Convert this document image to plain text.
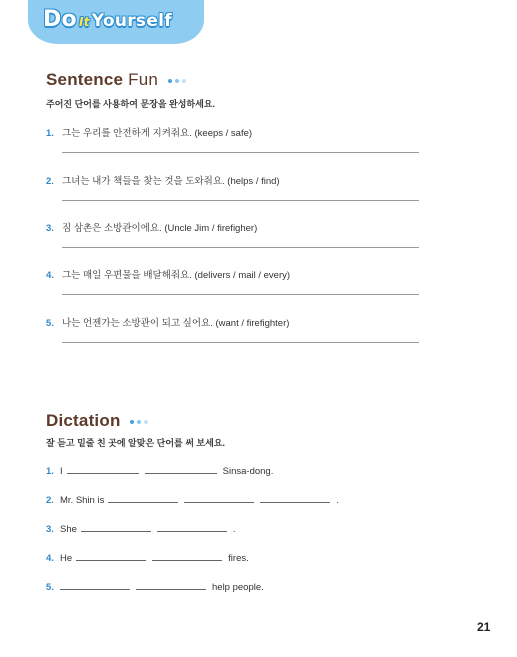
Do It Yourself
Sentence Fun
주어진 단어를 사용하여 문장을 완성하세요.
1. 그는 우리를 안전하게 지켜줘요. (keeps / safe)
2. 그녀는 내가 책들을 찾는 것을 도와줘요. (helps / find)
3. 짐 삼촌은 소방관이에요. (Uncle Jim / firefigher)
4. 그는 매일 우편물을 배달해줘요. (delivers / mail / every)
5. 나는 언젠가는 소방관이 되고 싶어요. (want / firefighter)
Dictation
잘 듣고 밑줄 친 곳에 알맞은 단어를 써 보세요.
1. I	Sinsa-dong.
2. Mr. Shin is	.
3. She	.
4. He	fires.
5.	help people.
21
